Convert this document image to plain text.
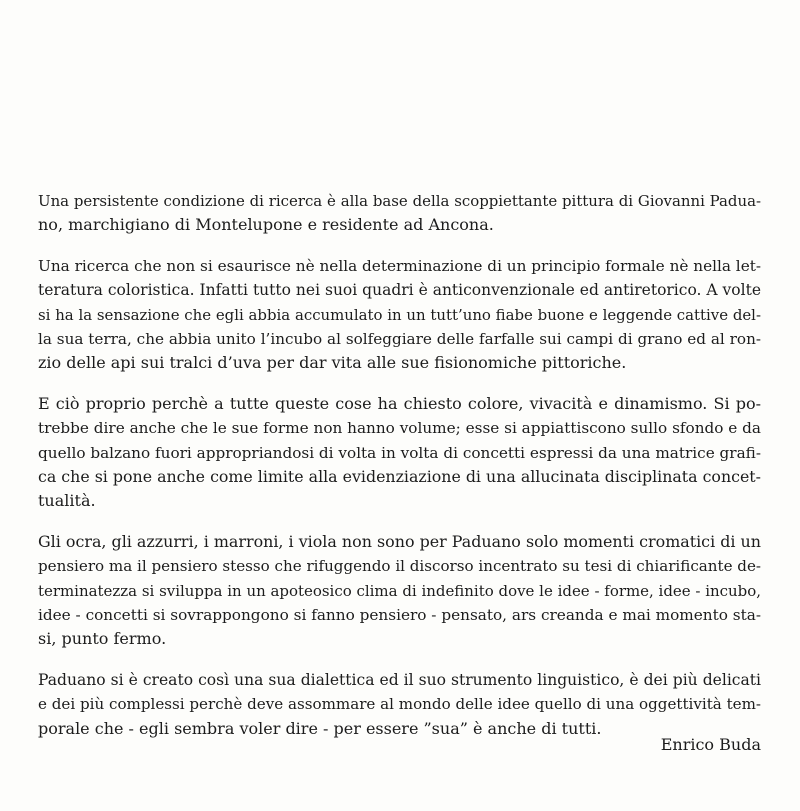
Una persistente condizione di ricerca è alla base della scoppiettante pittura di Giovanni Padua-
no, marchigiano di Montelupone e residente ad Ancona.
Una ricerca che non si esaurisce nè nella determinazione di un principio formale nè nella let-
teratura coloristica. Infatti tutto nei suoi quadri è anticonvenzionale ed antiretorico. A volte
si ha la sensazione che egli abbia accumulato in un tutt’uno fiabe buone e leggende cattive del-
la sua terra, che abbia unito l’incubo al solfeggiare delle farfalle sui campi di grano ed al ron-
zio delle api sui tralci d’uva per dar vita alle sue fisionomiche pittoriche.
E ciò proprio perchè a tutte queste cose ha chiesto colore, vivacità e dinamismo. Si po-
trebbe dire anche che le sue forme non hanno volume; esse si appiattiscono sullo sfondo e da
quello balzano fuori appropriandosi di volta in volta di concetti espressi da una matrice grafi-
ca che si pone anche come limite alla evidenziazione di una allucinata disciplinata concet-
tualità.
Gli ocra, gli azzurri, i marroni, i viola non sono per Paduano solo momenti cromatici di un
pensiero ma il pensiero stesso che rifuggendo il discorso incentrato su tesi di chiarificante de-
terminatezza si sviluppa in un apoteosico clima di indefinito dove le idee - forme, idee - incubo,
idee - concetti si sovrappongono si fanno pensiero - pensato, ars creanda e mai momento sta-
si, punto fermo.
Paduano si è creato così una sua dialettica ed il suo strumento linguistico, è dei più delicati
e dei più complessi perchè deve assommare al mondo delle idee quello di una oggettività tem-
porale che - egli sembra voler dire - per essere ”sua” è anche di tutti.
Enrico Buda
